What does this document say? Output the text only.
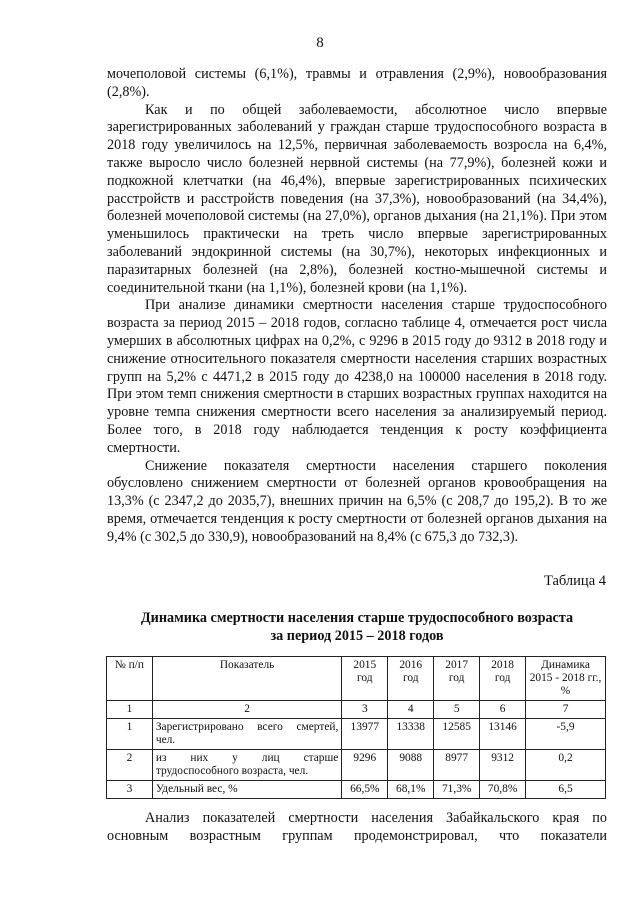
8

мочеполовой системы (6,1%), травмы и отравления (2,9%), новообразования (2,8%).

Как и по общей заболеваемости, абсолютное число впервые зарегистрированных заболеваний у граждан старше трудоспособного возраста в 2018 году увеличилось на 12,5%, первичная заболеваемость возросла на 6,4%, также выросло число болезней нервной системы (на 77,9%), болезней кожи и подкожной клетчатки (на 46,4%), впервые зарегистрированных психических расстройств и расстройств поведения (на 37,3%), новообразований (на 34,4%), болезней мочеполовой системы (на 27,0%), органов дыхания (на 21,1%). При этом уменьшилось практически на треть число впервые зарегистрированных заболеваний эндокринной системы (на 30,7%), некоторых инфекционных и паразитарных болезней (на 2,8%), болезней костно-мышечной системы и соединительной ткани (на 1,1%), болезней крови (на 1,1%).

При анализе динамики смертности населения старше трудоспособного возраста за период 2015 – 2018 годов, согласно таблице 4, отмечается рост числа умерших в абсолютных цифрах на 0,2%, с 9296 в 2015 году до 9312 в 2018 году и снижение относительного показателя смертности населения старших возрастных групп на 5,2% с 4471,2 в 2015 году до 4238,0 на 100000 населения в 2018 году. При этом темп снижения смертности в старших возрастных группах находится на уровне темпа снижения смертности всего населения за анализируемый период. Более того, в 2018 году наблюдается тенденция к росту коэффициента смертности.

Снижение показателя смертности населения старшего поколения обусловлено снижением смертности от болезней органов кровообращения на 13,3% (с 2347,2 до 2035,7), внешних причин на 6,5% (с 208,7 до 195,2). В то же время, отмечается тенденция к росту смертности от болезней органов дыхания на 9,4% (с 302,5 до 330,9), новообразований на 8,4% (с 675,3 до 732,3).

Таблица 4
Динамика смертности населения старше трудоспособного возраста
за период 2015 – 2018 годов
№ п/п	Показатель	2015 год	2016 год	2017 год	2018 год	Динамика 2015 - 2018 гг., %
1	2	3	4	5	6	7
1	Зарегистрировано всего смертей, чел.	13977	13338	12585	13146	-5,9
2	из них у лиц старше трудоспособного возраста, чел.	9296	9088	8977	9312	0,2
3	Удельный вес, %	66,5%	68,1%	71,3%	70,8%	6,5

Анализ показателей смертности населения Забайкальского края по основным возрастным группам продемонстрировал, что показатели
